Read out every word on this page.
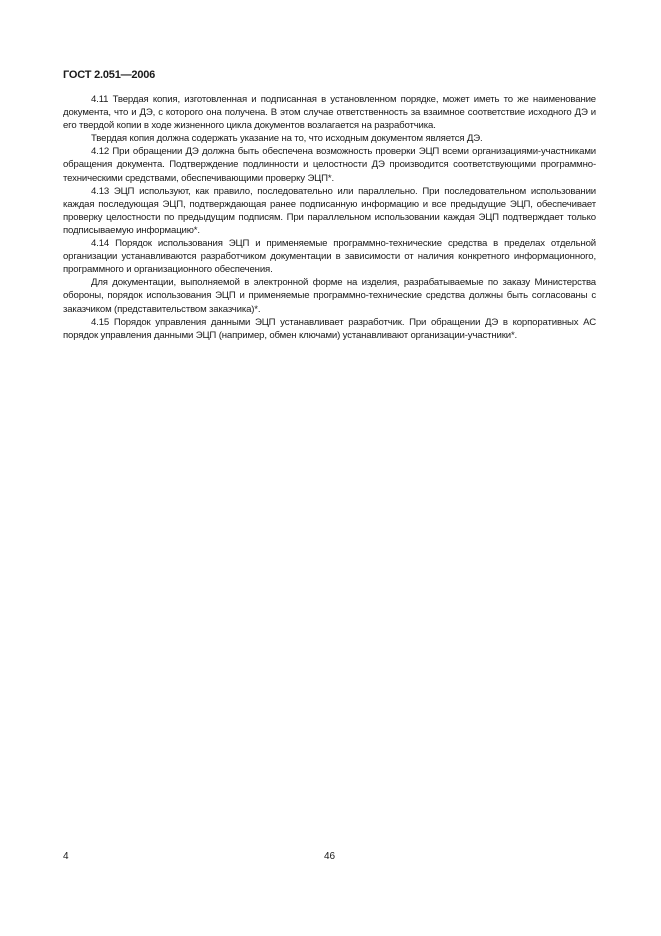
ГОСТ 2.051—2006

4.11 Твердая копия, изготовленная и подписанная в установленном порядке, может иметь то же наименование документа, что и ДЭ, с которого она получена. В этом случае ответственность за взаимное соответствие исходного ДЭ и его твердой копии в ходе жизненного цикла документов возлагается на разработчика.

Твердая копия должна содержать указание на то, что исходным документом является ДЭ.

4.12 При обращении ДЭ должна быть обеспечена возможность проверки ЭЦП всеми организациями-участниками обращения документа. Подтверждение подлинности и целостности ДЭ производится соответствующими программно-техническими средствами, обеспечивающими проверку ЭЦП*.

4.13 ЭЦП используют, как правило, последовательно или параллельно. При последовательном использовании каждая последующая ЭЦП, подтверждающая ранее подписанную информацию и все предыдущие ЭЦП, обеспечивает проверку целостности по предыдущим подписям. При параллельном использовании каждая ЭЦП подтверждает только подписываемую информацию*.

4.14 Порядок использования ЭЦП и применяемые программно-технические средства в пределах отдельной организации устанавливаются разработчиком документации в зависимости от наличия конкретного информационного, программного и организационного обеспечения.

Для документации, выполняемой в электронной форме на изделия, разрабатываемые по заказу Министерства обороны, порядок использования ЭЦП и применяемые программно-технические средства должны быть согласованы с заказчиком (представительством заказчика)*.

4.15 Порядок управления данными ЭЦП устанавливает разработчик. При обращении ДЭ в корпоративных АС порядок управления данными ЭЦП (например, обмен ключами) устанавливают организации-участники*.

4	46
